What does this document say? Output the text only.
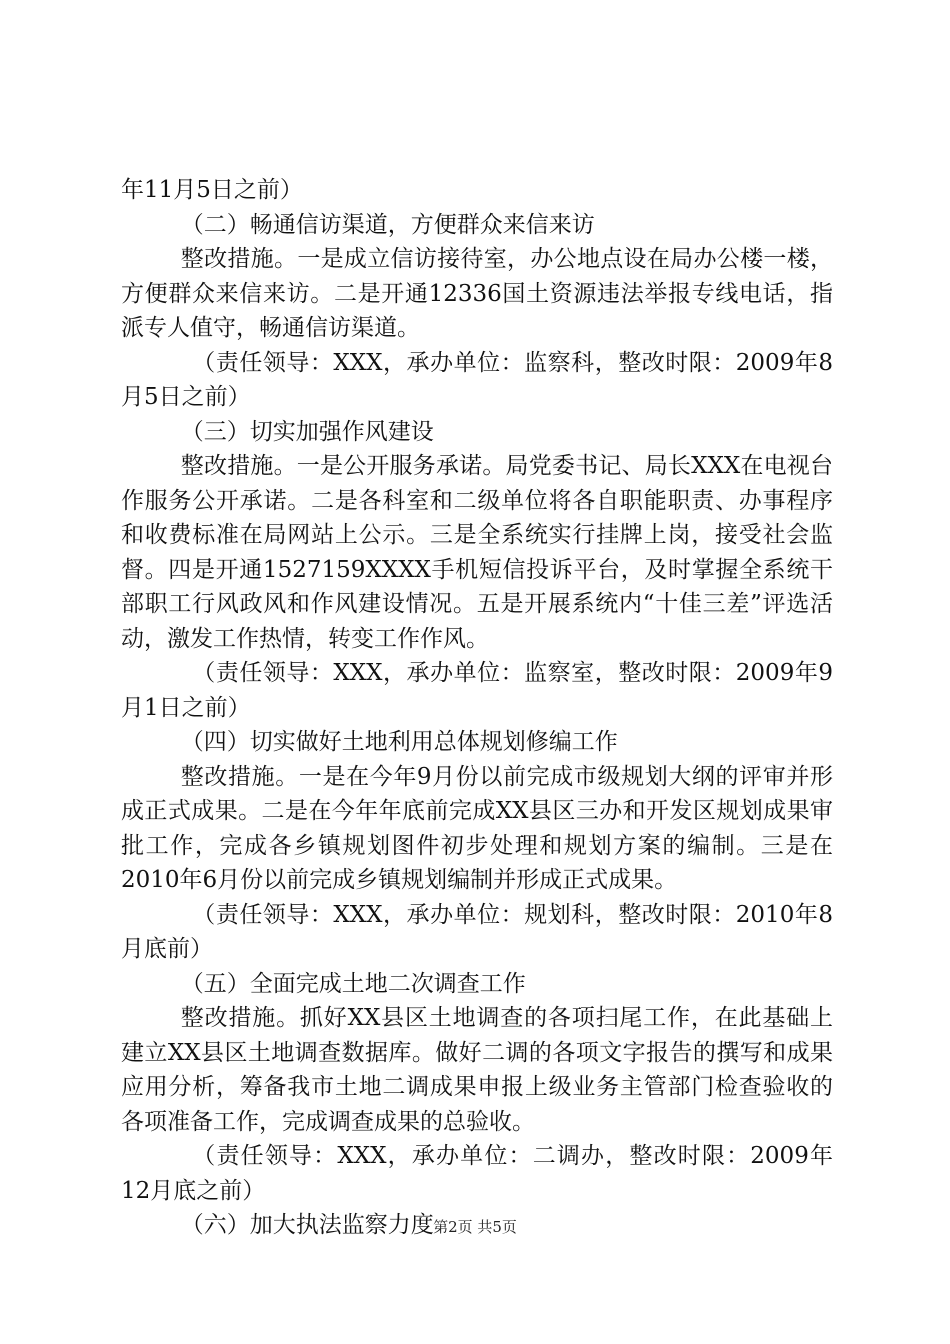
年11月5日之前）

（二）畅通信访渠道，方便群众来信来访

整改措施。一是成立信访接待室，办公地点设在局办公楼一楼，方便群众来信来访。二是开通12336国土资源违法举报专线电话，指派专人值守，畅通信访渠道。

（责任领导：XXX，承办单位：监察科，整改时限：2009年8月5日之前）

（三）切实加强作风建设

整改措施。一是公开服务承诺。局党委书记、局长XXX在电视台作服务公开承诺。二是各科室和二级单位将各自职能职责、办事程序和收费标准在局网站上公示。三是全系统实行挂牌上岗，接受社会监督。四是开通1527159XXXX手机短信投诉平台，及时掌握全系统干部职工行风政风和作风建设情况。五是开展系统内“十佳三差”评选活动，激发工作热情，转变工作作风。

（责任领导：XXX，承办单位：监察室，整改时限：2009年9月1日之前）

（四）切实做好土地利用总体规划修编工作

整改措施。一是在今年9月份以前完成市级规划大纲的评审并形成正式成果。二是在今年年底前完成XX县区三办和开发区规划成果审批工作，完成各乡镇规划图件初步处理和规划方案的编制。三是在2010年6月份以前完成乡镇规划编制并形成正式成果。

（责任领导：XXX，承办单位：规划科，整改时限：2010年8月底前）

（五）全面完成土地二次调查工作

整改措施。抓好XX县区土地调查的各项扫尾工作，在此基础上建立XX县区土地调查数据库。做好二调的各项文字报告的撰写和成果应用分析，筹备我市土地二调成果申报上级业务主管部门检查验收的各项准备工作，完成调查成果的总验收。

（责任领导：XXX，承办单位：二调办，整改时限：2009年12月底之前）

（六）加大执法监察力度 第2页 共5页
